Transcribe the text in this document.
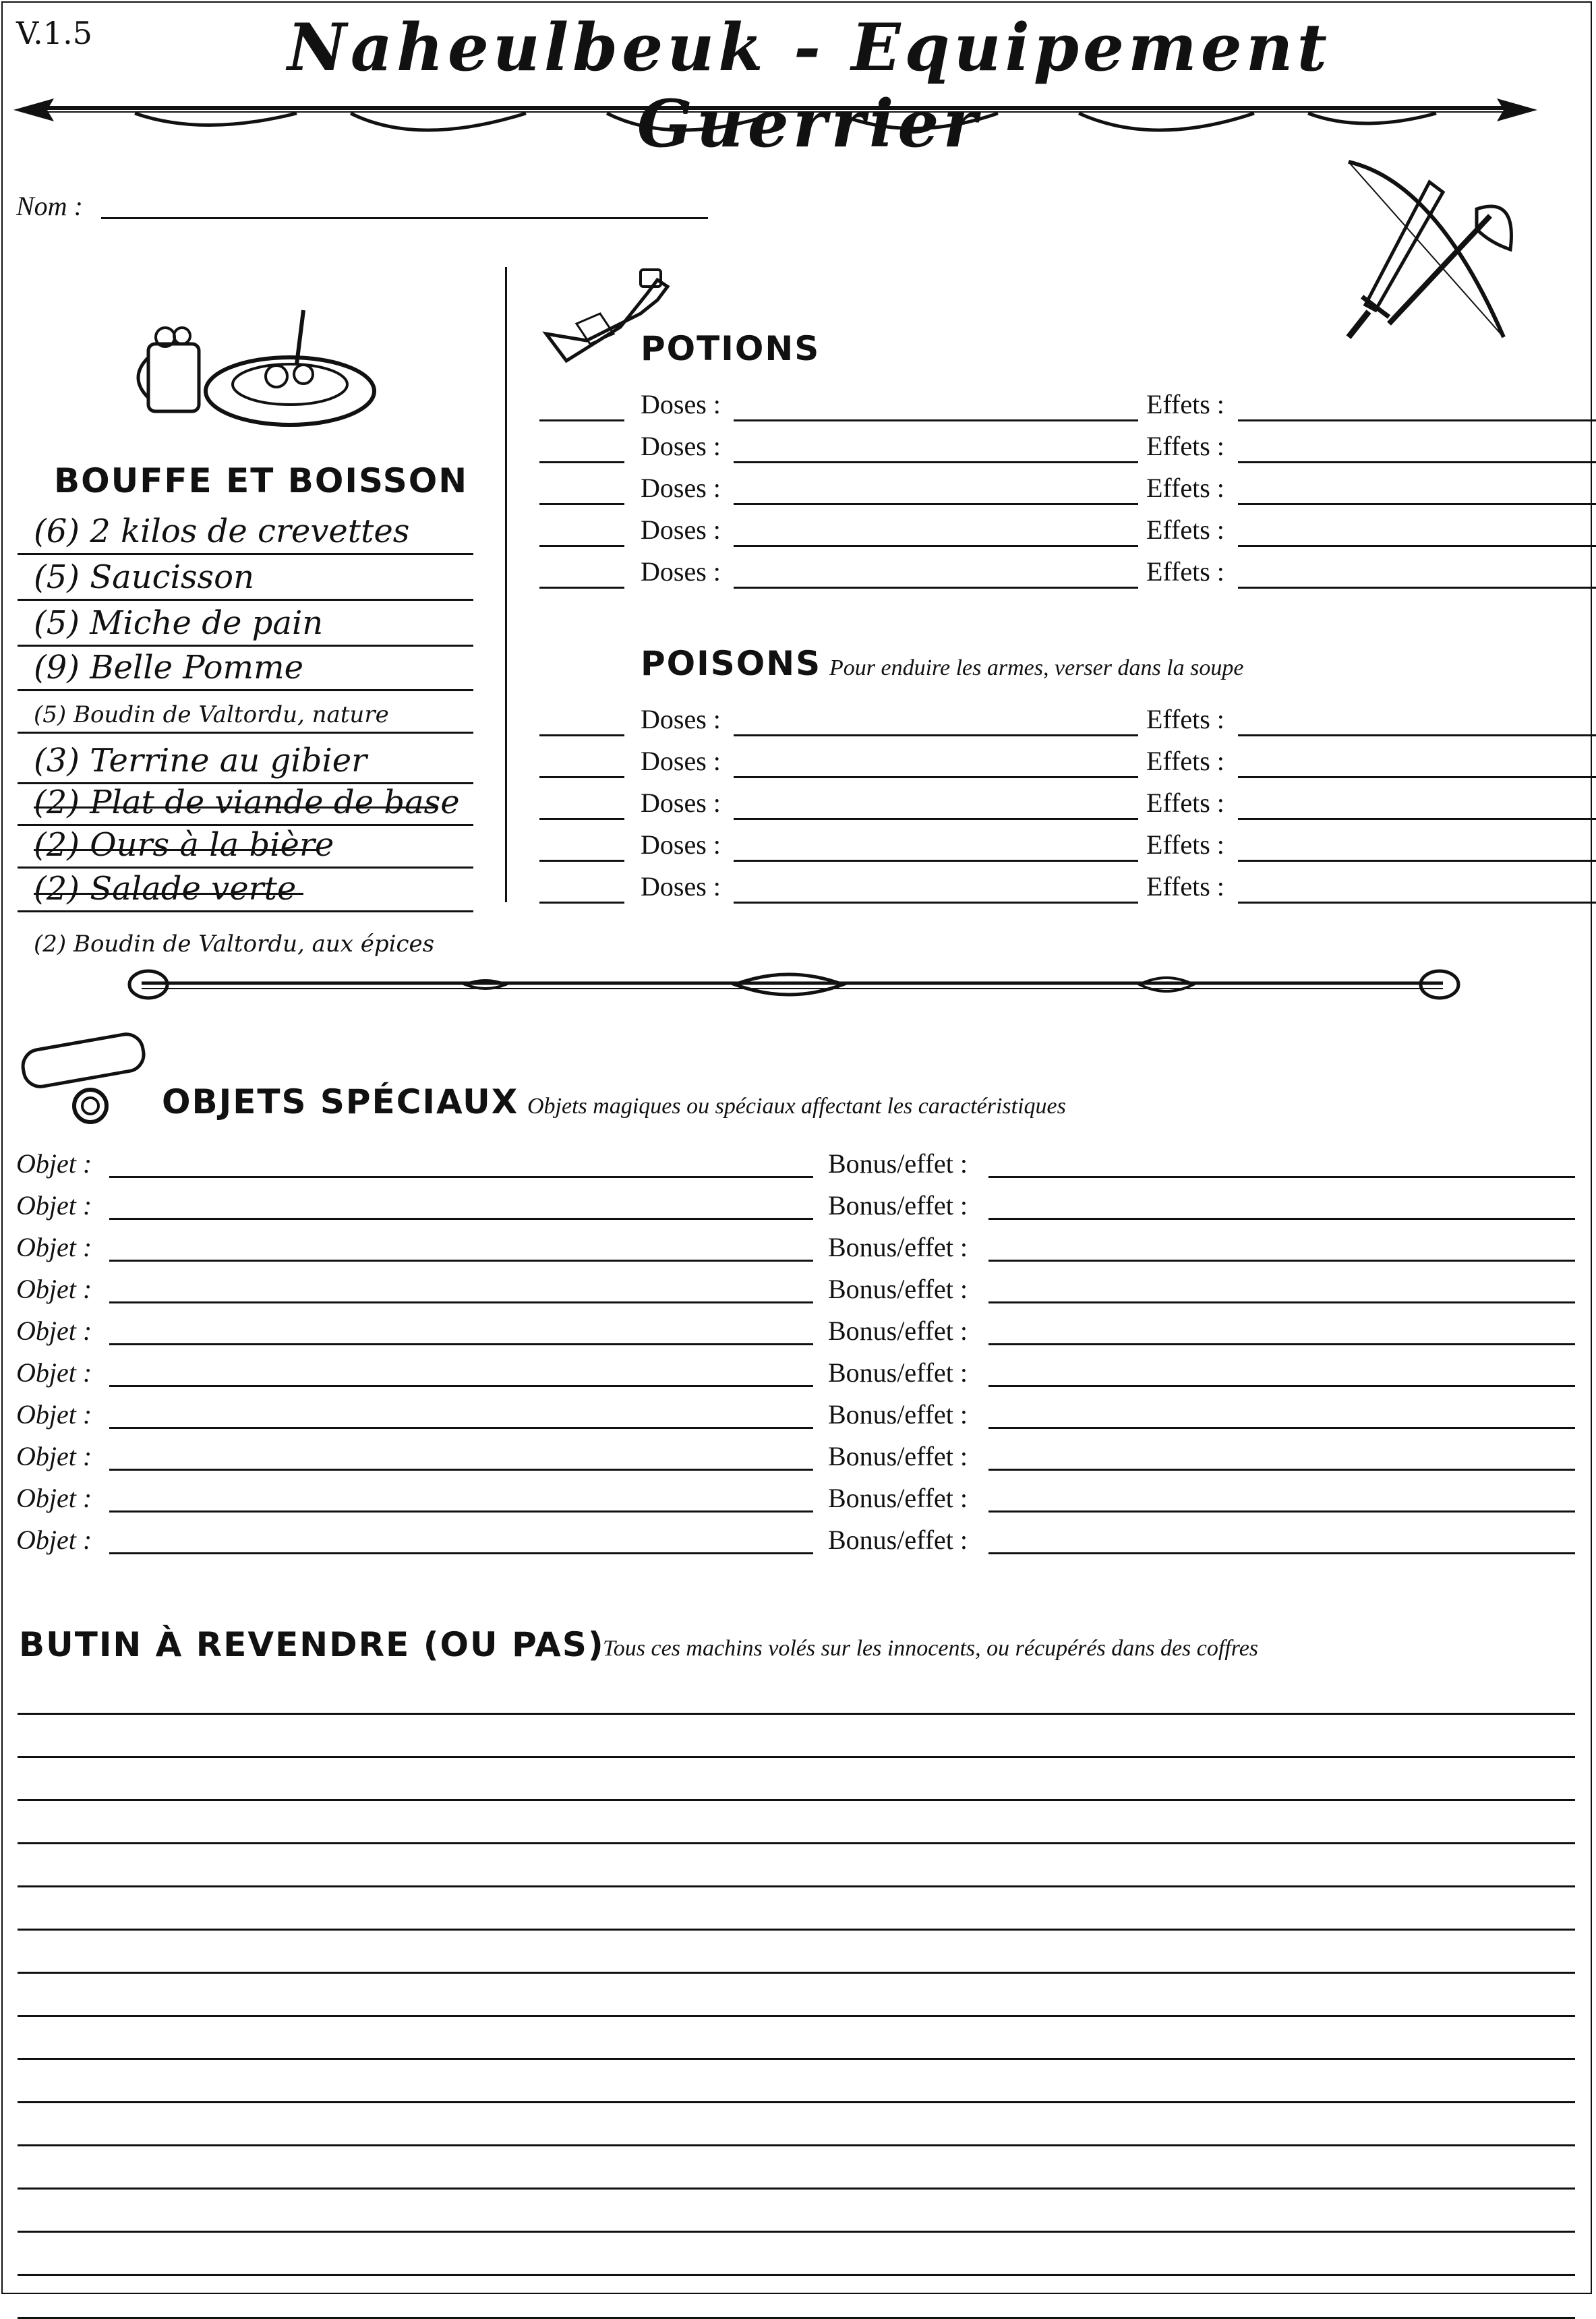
V.1.5	Naheulbeuk - Equipement Guerrier
Nom :
BOUFFE ET BOISSON
(6) 2 kilos de crevettes
(5) Saucisson
(5) Miche de pain
(9) Belle Pomme
(5) Boudin de Valtordu, nature
(3) Terrine au gibier
(2) Plat de viande de base
(2) Ours à la bière
(2) Salade verte
(2) Boudin de Valtordu, aux épices
POTIONS
Doses :	Effets :
Doses :	Effets :
Doses :	Effets :
Doses :	Effets :
Doses :	Effets :
POISONS Pour enduire les armes, verser dans la soupe
Doses :	Effets :
Doses :	Effets :
Doses :	Effets :
Doses :	Effets :
Doses :	Effets :
OBJETS SPÉCIAUX Objets magiques ou spéciaux affectant les caractéristiques
Objet :	Bonus/effet :
Objet :	Bonus/effet :
Objet :	Bonus/effet :
Objet :	Bonus/effet :
Objet :	Bonus/effet :
Objet :	Bonus/effet :
Objet :	Bonus/effet :
Objet :	Bonus/effet :
Objet :	Bonus/effet :
Objet :	Bonus/effet :
BUTIN À REVENDRE (OU PAS)
Tous ces machins volés sur les innocents, ou récupérés dans des coffres
